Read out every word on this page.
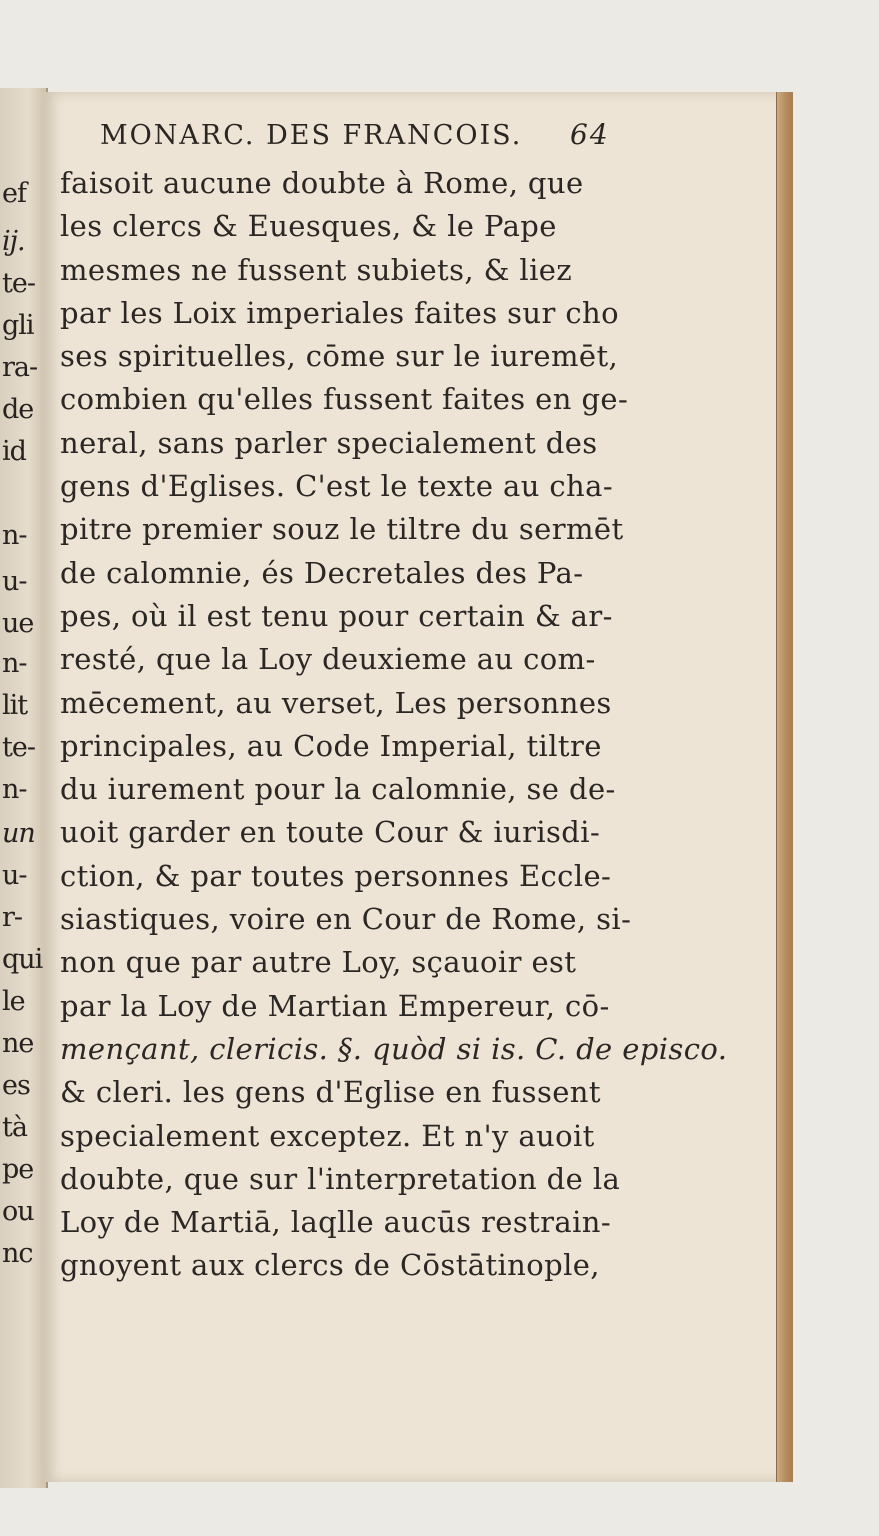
ef
ij.
te-
gli
ra-
de
id
n-
u-
ue
n-
lit
te-
n-
un
u-
r-
qui
le
ne
es
tà
pe
ou
nc
MONARC. DES FRANCOIS. 64
faisoit aucune doubte à Rome, que
les clercs & Euesques, & le Pape
mesmes ne fussent subiets, & liez
par les Loix imperiales faites sur cho
ses spirituelles, cōme sur le iuremēt,
combien qu'elles fussent faites en ge-
neral, sans parler specialement des
gens d'Eglises. C'est le texte au cha-
pitre premier souz le tiltre du sermēt
de calomnie, és Decretales des Pa-
pes, où il est tenu pour certain & ar-
resté, que la Loy deuxieme au com-
mēcement, au verset, Les personnes
principales, au Code Imperial, tiltre
du iurement pour la calomnie, se de-
uoit garder en toute Cour & iurisdi-
ction, & par toutes personnes Eccle-
siastiques, voire en Cour de Rome, si-
non que par autre Loy, sçauoir est
par la Loy de Martian Empereur, cō-
mençant, clericis. §. quòd si is. C. de episco.
& cleri. les gens d'Eglise en fussent
specialement exceptez. Et n'y auoit
doubte, que sur l'interpretation de la
Loy de Martiā, laqlle aucūs restrain-
gnoyent aux clercs de Cōstātinople,
